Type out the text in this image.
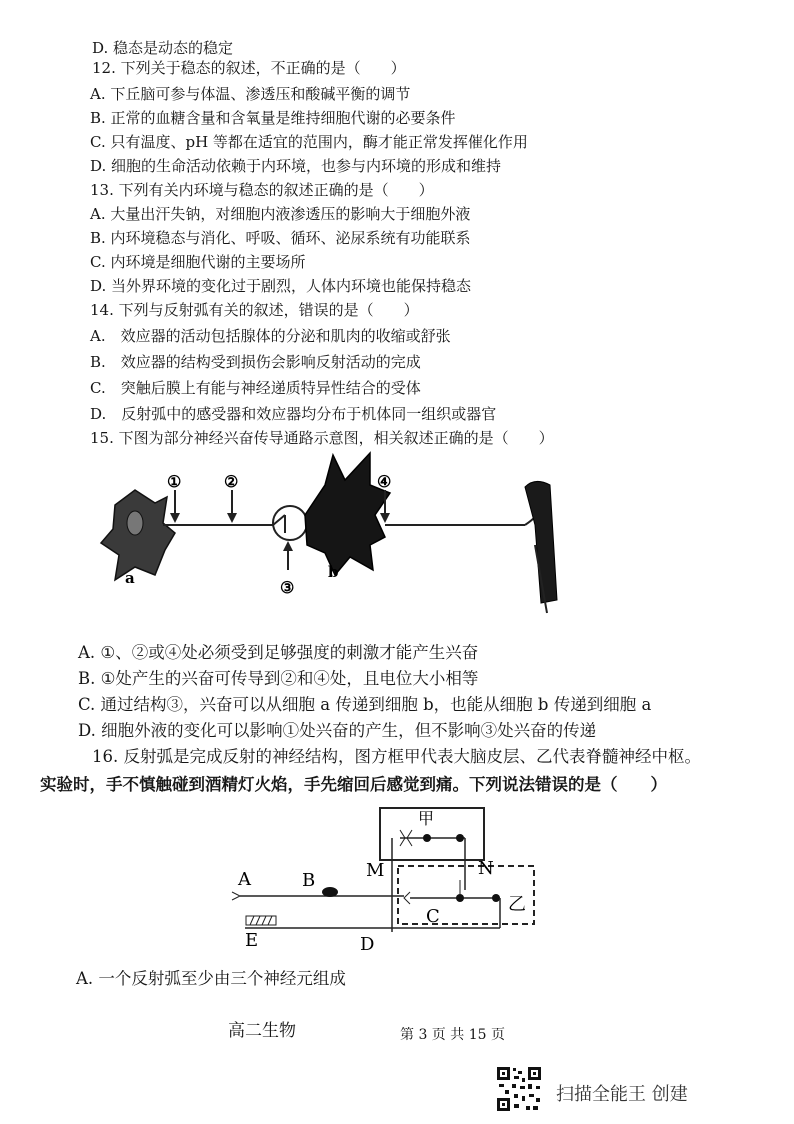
D. 稳态是动态的稳定
12. 下列关于稳态的叙述，不正确的是（　　）
A. 下丘脑可参与体温、渗透压和酸碱平衡的调节
B. 正常的血糖含量和含氧量是维持细胞代谢的必要条件
C. 只有温度、pH 等都在适宜的范围内，酶才能正常发挥催化作用
D. 细胞的生命活动依赖于内环境，也参与内环境的形成和维持
13. 下列有关内环境与稳态的叙述正确的是（　　）
A. 大量出汗失钠，对细胞内液渗透压的影响大于细胞外液
B. 内环境稳态与消化、呼吸、循环、泌尿系统有功能联系
C. 内环境是细胞代谢的主要场所
D. 当外界环境的变化过于剧烈，人体内环境也能保持稳态
14. 下列与反射弧有关的叙述，错误的是（　　）
A.　效应器的活动包括腺体的分泌和肌肉的收缩或舒张
B.　效应器的结构受到损伤会影响反射活动的完成
C.　突触后膜上有能与神经递质特异性结合的受体
D.　反射弧中的感受器和效应器均分布于机体同一组织或器官
15. 下图为部分神经兴奋传导通路示意图，相关叙述正确的是（　　）
①	②
③
④
a	b
A. ①、②或④处必须受到足够强度的刺激才能产生兴奋
B. ①处产生的兴奋可传导到②和④处，且电位大小相等
C. 通过结构③，兴奋可以从细胞 a 传递到细胞 b，也能从细胞 b 传递到细胞 a
D. 细胞外液的变化可以影响①处兴奋的产生，但不影响③处兴奋的传递
16. 反射弧是完成反射的神经结构，图方框甲代表大脑皮层、乙代表脊髓神经中枢。
实验时，手不慎触碰到酒精灯火焰，手先缩回后感觉到痛。下列说法错误的是（　　）
甲
乙
A	B
C
D
E
M	N
A. 一个反射弧至少由三个神经元组成
高二生物	第 3 页 共 15 页
扫描全能王 创建
